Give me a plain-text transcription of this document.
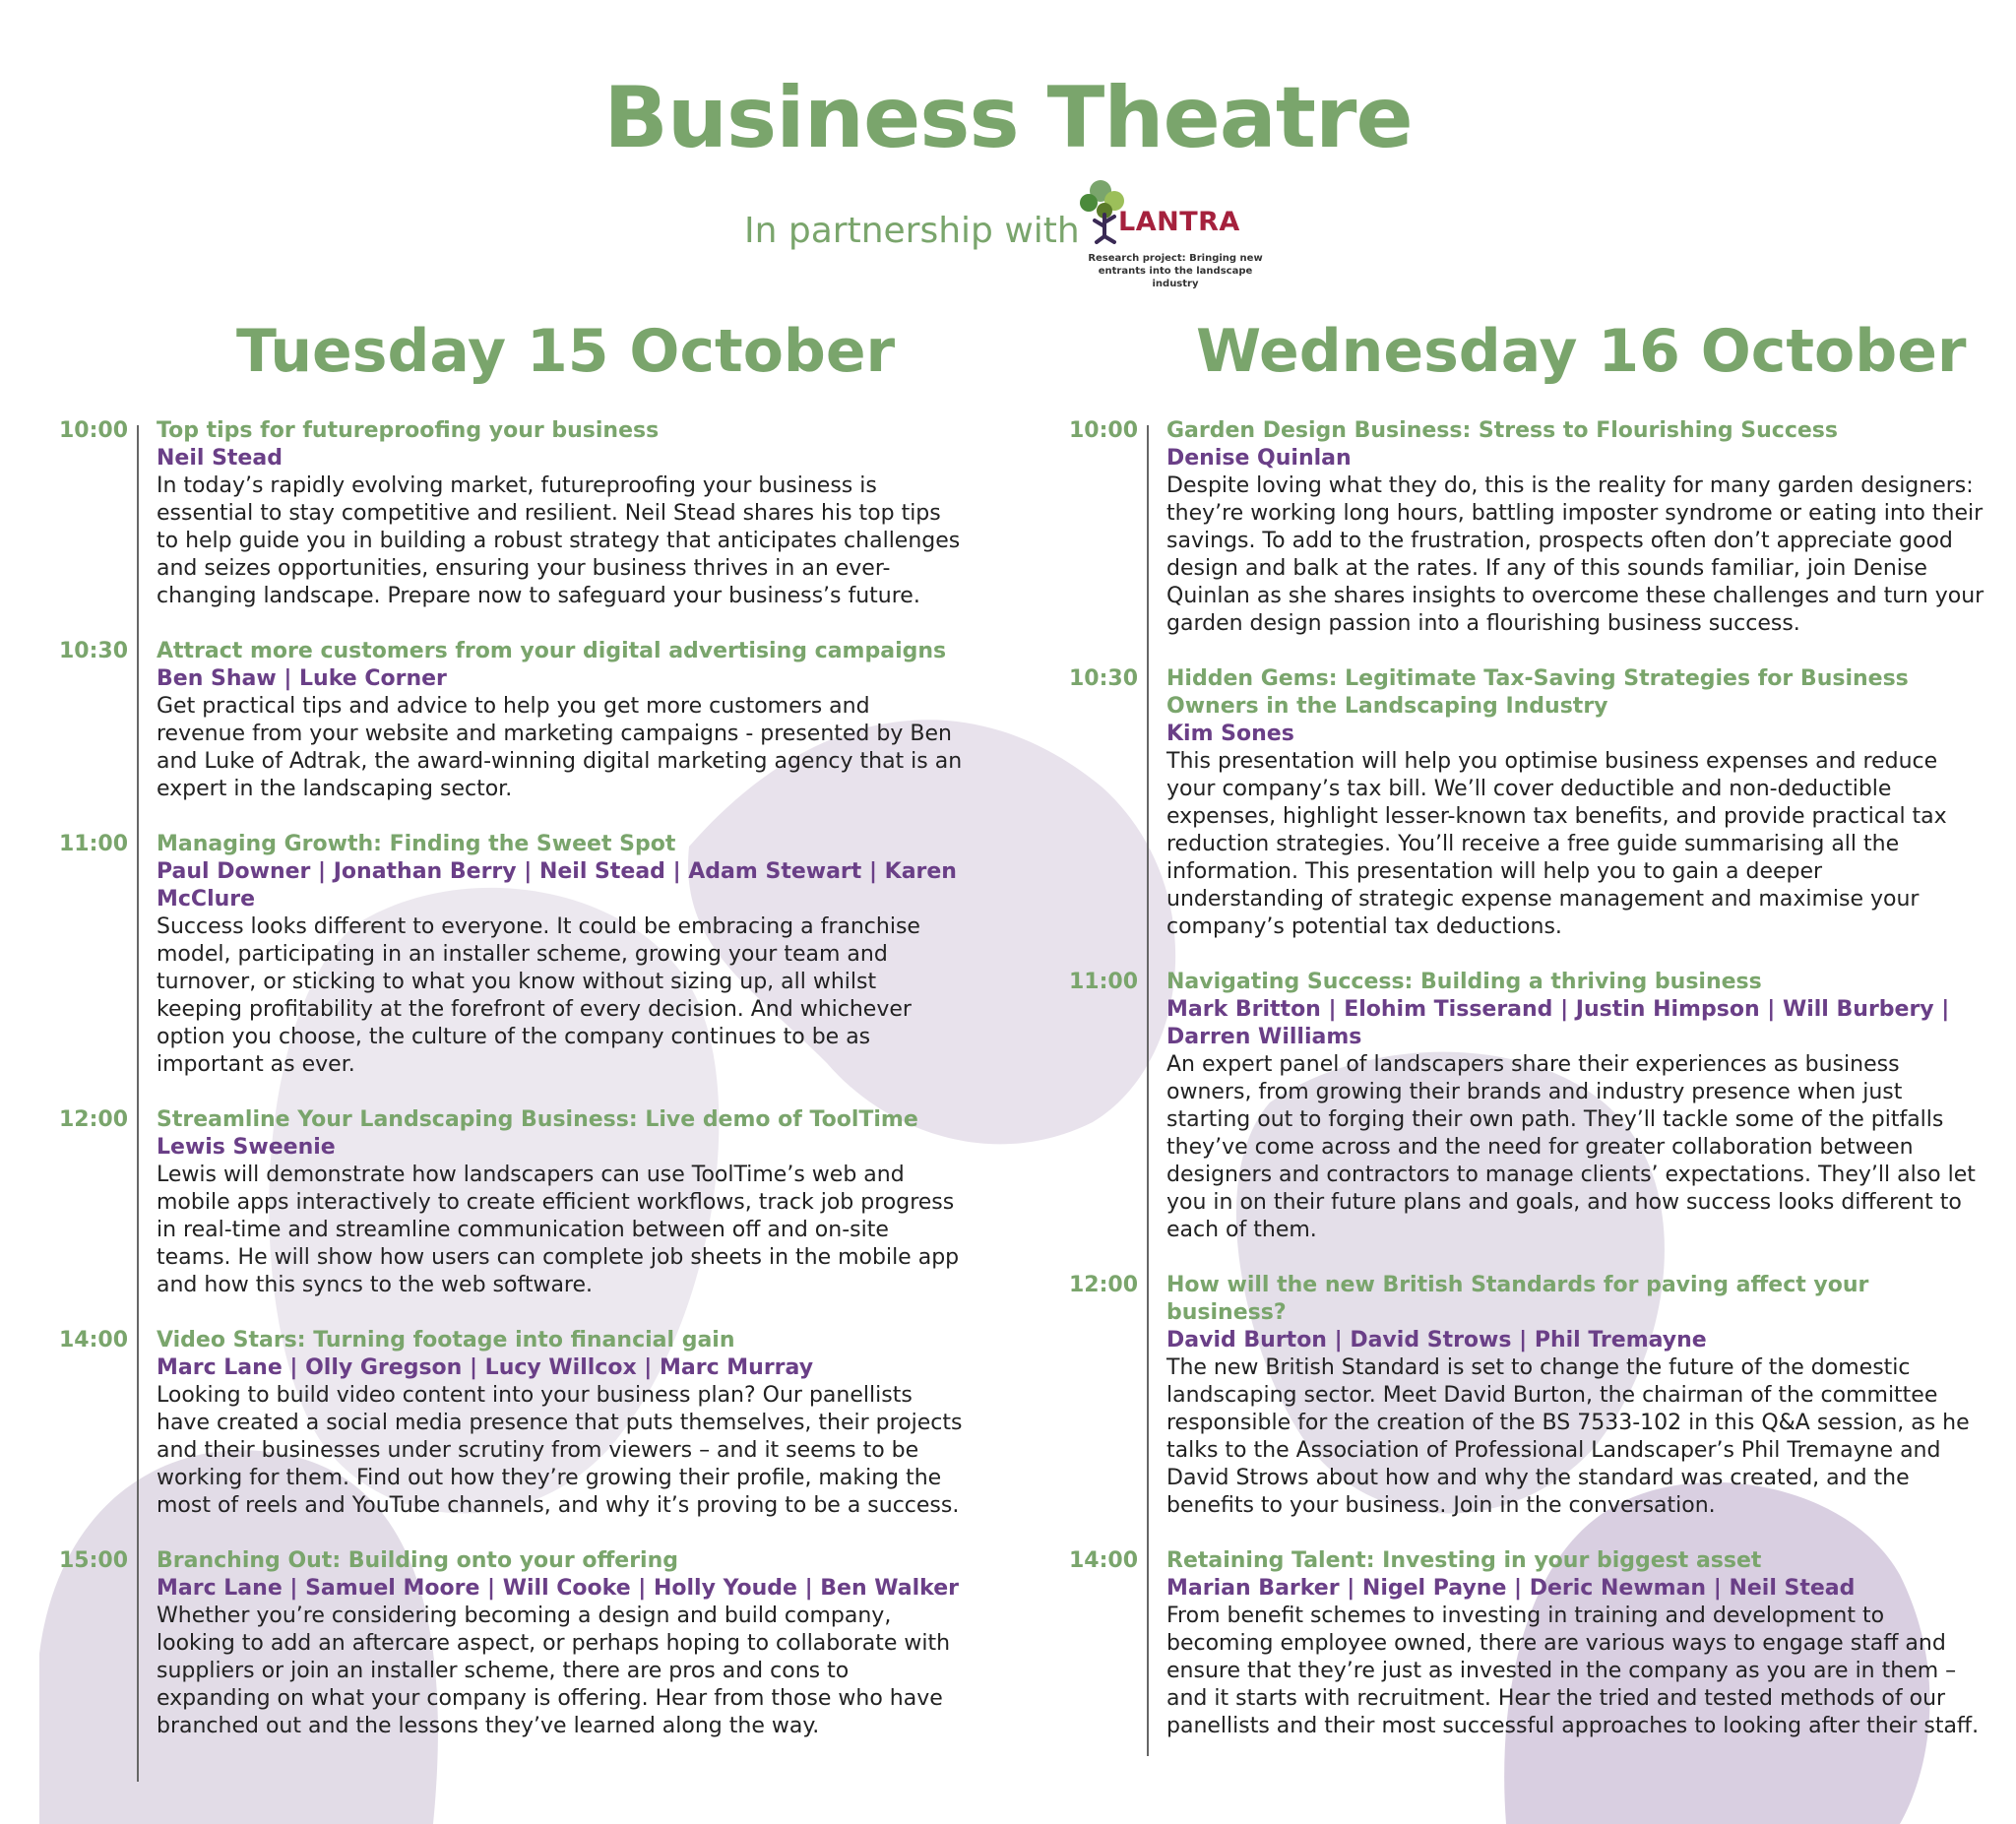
Business Theatre
In partnership with LANTRA
Research project: Bringing new entrants into the landscape industry
Tuesday 15 October	Wednesday 16 October
10:00 Top tips for futureproofing your business

Neil Stead

In today’s rapidly evolving market, futureproofing your business is essential to stay competitive and resilient. Neil Stead shares his top tips to help guide you in building a robust strategy that anticipates challenges and seizes opportunities, ensuring your business thrives in an ever-changing landscape. Prepare now to safeguard your business’s future.

10:30 Attract more customers from your digital advertising campaigns

Ben Shaw | Luke Corner

Get practical tips and advice to help you get more customers and revenue from your website and marketing campaigns - presented by Ben and Luke of Adtrak, the award-winning digital marketing agency that is an expert in the landscaping sector.

11:00 Managing Growth: Finding the Sweet Spot

Paul Downer | Jonathan Berry | Neil Stead | Adam Stewart | Karen McClure

Success looks different to everyone. It could be embracing a franchise model, participating in an installer scheme, growing your team and turnover, or sticking to what you know without sizing up, all whilst keeping profitability at the forefront of every decision. And whichever option you choose, the culture of the company continues to be as important as ever.

12:00 Streamline Your Landscaping Business: Live demo of ToolTime

Lewis Sweenie

Lewis will demonstrate how landscapers can use ToolTime’s web and mobile apps interactively to create efficient workflows, track job progress in real-time and streamline communication between off and on-site teams. He will show how users can complete job sheets in the mobile app and how this syncs to the web software.

14:00 Video Stars: Turning footage into financial gain

Marc Lane | Olly Gregson | Lucy Willcox | Marc Murray

Looking to build video content into your business plan? Our panellists have created a social media presence that puts themselves, their projects and their businesses under scrutiny from viewers – and it seems to be working for them. Find out how they’re growing their profile, making the most of reels and YouTube channels, and why it’s proving to be a success.

15:00 Branching Out: Building onto your offering

Marc Lane | Samuel Moore | Will Cooke | Holly Youde | Ben Walker

Whether you’re considering becoming a design and build company, looking to add an aftercare aspect, or perhaps hoping to collaborate with suppliers or join an installer scheme, there are pros and cons to expanding on what your company is offering. Hear from those who have branched out and the lessons they’ve learned along the way.

10:00 Garden Design Business: Stress to Flourishing Success

Denise Quinlan

Despite loving what they do, this is the reality for many garden designers: they’re working long hours, battling imposter syndrome or eating into their savings. To add to the frustration, prospects often don’t appreciate good design and balk at the rates. If any of this sounds familiar, join Denise Quinlan as she shares insights to overcome these challenges and turn your garden design passion into a flourishing business success.

10:30 Hidden Gems: Legitimate Tax-Saving Strategies for Business Owners in the Landscaping Industry

Kim Sones

This presentation will help you optimise business expenses and reduce your company’s tax bill. We’ll cover deductible and non-deductible expenses, highlight lesser-known tax benefits, and provide practical tax reduction strategies. You’ll receive a free guide summarising all the information. This presentation will help you to gain a deeper understanding of strategic expense management and maximise your company’s potential tax deductions.

11:00 Navigating Success: Building a thriving business

Mark Britton | Elohim Tisserand | Justin Himpson | Will Burbery | Darren Williams

An expert panel of landscapers share their experiences as business owners, from growing their brands and industry presence when just starting out to forging their own path. They’ll tackle some of the pitfalls they’ve come across and the need for greater collaboration between designers and contractors to manage clients’ expectations. They’ll also let you in on their future plans and goals, and how success looks different to each of them.

12:00 How will the new British Standards for paving affect your business?

David Burton | David Strows | Phil Tremayne

The new British Standard is set to change the future of the domestic landscaping sector. Meet David Burton, the chairman of the committee responsible for the creation of the BS 7533-102 in this Q&A session, as he talks to the Association of Professional Landscaper’s Phil Tremayne and David Strows about how and why the standard was created, and the benefits to your business. Join in the conversation.

14:00 Retaining Talent: Investing in your biggest asset

Marian Barker | Nigel Payne | Deric Newman | Neil Stead

From benefit schemes to investing in training and development to becoming employee owned, there are various ways to engage staff and ensure that they’re just as invested in the company as you are in them – and it starts with recruitment. Hear the tried and tested methods of our panellists and their most successful approaches to looking after their staff.
